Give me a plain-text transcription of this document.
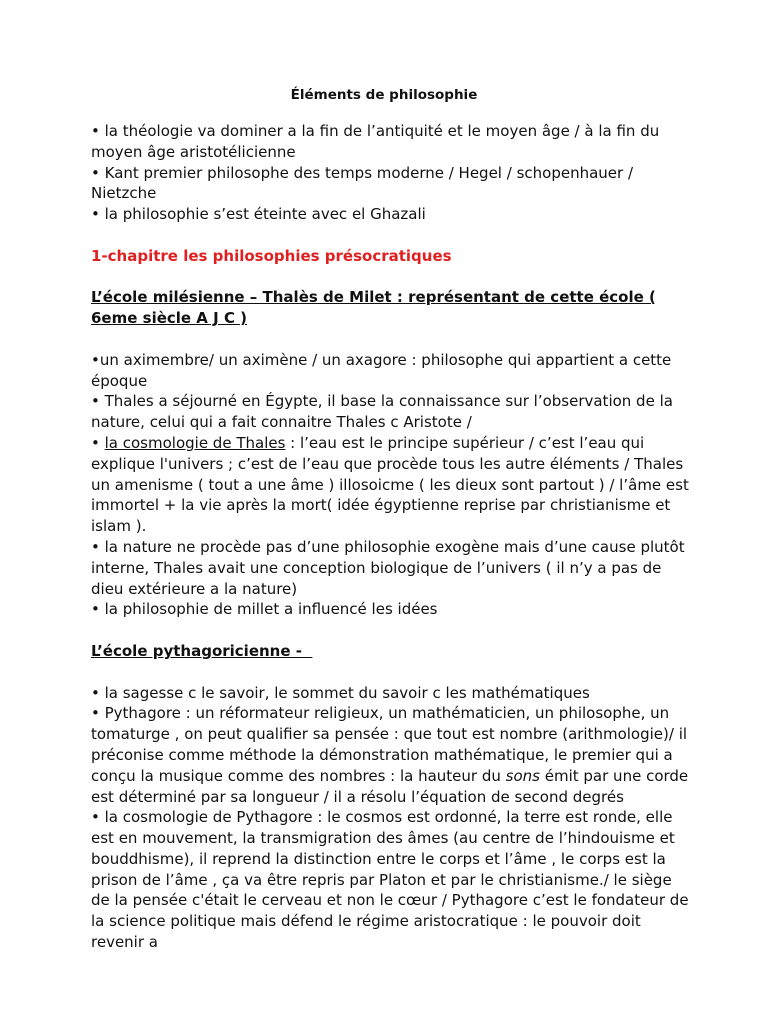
Éléments de philosophie

• la théologie va dominer a la fin de l’antiquité et le moyen âge / à la fin du moyen âge aristotélicienne

• Kant premier philosophe des temps moderne / Hegel / schopenhauer / Nietzche

• la philosophie s’est éteinte avec el Ghazali

1-chapitre les philosophies présocratiques

L’école milésienne – Thalès de Milet : représentant de cette école ( 6eme siècle A J C )

•un aximembre/ un aximène / un axagore : philosophe qui appartient a cette époque

• Thales a séjourné en Égypte, il base la connaissance sur l’observation de la nature, celui qui a fait connaitre Thales c Aristote /

• la cosmologie de Thales : l’eau est le principe supérieur / c’est l’eau qui explique l'univers ; c’est de l’eau que procède tous les autre éléments / Thales un amenisme ( tout a une âme ) illosoicme ( les dieux sont partout ) / l’âme est immortel + la vie après la mort( idée égyptienne reprise par christianisme et islam ).

• la nature ne procède pas d’une philosophie exogène mais d’une cause plutôt interne, Thales avait une conception biologique de l’univers ( il n’y a pas de dieu extérieure a la nature)

• la philosophie de millet a influencé les idées

L’école pythagoricienne -

• la sagesse c le savoir, le sommet du savoir c les mathématiques

• Pythagore : un réformateur religieux, un mathématicien, un philosophe, un tomaturge , on peut qualifier sa pensée : que tout est nombre (arithmologie)/ il préconise comme méthode la démonstration mathématique, le premier qui a conçu la musique comme des nombres : la hauteur du sons émit par une corde est déterminé par sa longueur / il a résolu l’équation de second degrés

• la cosmologie de Pythagore : le cosmos est ordonné, la terre est ronde, elle est en mouvement, la transmigration des âmes (au centre de l’hindouisme et bouddhisme), il reprend la distinction entre le corps et l’âme , le corps est la prison de l’âme , ça va être repris par Platon et par le christianisme./ le siège de la pensée c'était le cerveau et non le cœur / Pythagore c’est le fondateur de la science politique mais défend le régime aristocratique : le pouvoir doit revenir a
